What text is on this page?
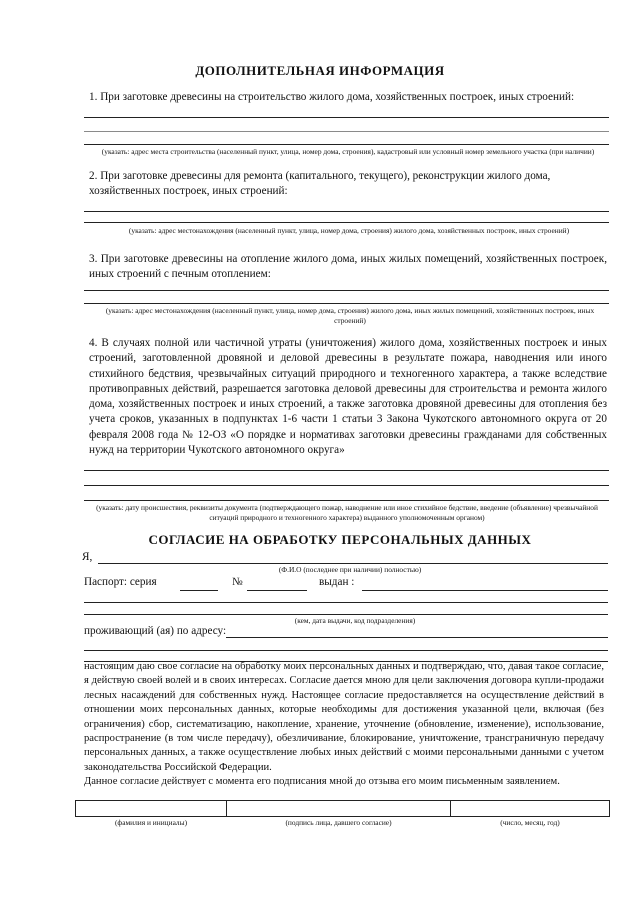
ДОПОЛНИТЕЛЬНАЯ ИНФОРМАЦИЯ
1. При заготовке древесины на строительство жилого дома, хозяйственных построек, иных строений:
(указать: адрес места строительства (населенный пункт, улица, номер дома, строения), кадастровый или условный номер земельного участка (при наличии)
2. При заготовке древесины для ремонта (капитального, текущего), реконструкции жилого дома, хозяйственных построек, иных строений:
(указать: адрес местонахождения (населенный пункт, улица, номер дома, строения) жилого дома, хозяйственных построек, иных строений)
3. При заготовке древесины на отопление жилого дома, иных жилых помещений, хозяйственных построек, иных строений с печным отоплением:
(указать: адрес местонахождения (населенный пункт, улица, номер дома, строения) жилого дома, иных жилых помещений, хозяйственных построек, иных строений)
4. В случаях полной или частичной утраты (уничтожения) жилого дома, хозяйственных построек и иных строений, заготовленной дровяной и деловой древесины в результате пожара, наводнения или иного стихийного бедствия, чрезвычайных ситуаций природного и техногенного характера, а также вследствие противоправных действий, разрешается заготовка деловой древесины для строительства и ремонта жилого дома, хозяйственных построек и иных строений, а также заготовка дровяной древесины для отопления без учета сроков, указанных в подпунктах 1-6 части 1 статьи 3 Закона Чукотского автономного округа от 20 февраля 2008 года № 12-ОЗ «О порядке и нормативах заготовки древесины гражданами для собственных нужд на территории Чукотского автономного округа»
(указать: дату происшествия, реквизиты документа (подтверждающего пожар, наводнение или иное стихийное бедствие, введение (объявление) чрезвычайной ситуаций природного и техногенного характера) выданного уполномоченным органом)
СОГЛАСИЕ НА ОБРАБОТКУ ПЕРСОНАЛЬНЫХ ДАННЫХ
Я,
(Ф.И.О (последнее при наличии) полностью)
Паспорт: серия	№	выдан :
(кем, дата выдачи, код подразделения)
проживающий (ая) по адресу:
настоящим даю свое согласие на обработку моих персональных данных и подтверждаю, что, давая такое согласие, я действую своей волей и в своих интересах. Согласие дается мною для цели заключения договора купли-продажи лесных насаждений для собственных нужд. Настоящее согласие предоставляется на осуществление действий в отношении моих персональных данных, которые необходимы для достижения указанной цели, включая (без ограничения) сбор, систематизацию, накопление, хранение, уточнение (обновление, изменение), использование, распространение (в том числе передачу), обезличивание, блокирование, уничтожение, трансграничную передачу персональных данных, а также осуществление любых иных действий с моими персональными данными с учетом законодательства Российской Федерации.
Данное согласие действует с момента его подписания мной до отзыва его моим письменным заявлением.
(фамилия и инициалы)	(подпись лица, давшего согласие)	(число, месяц, год)
